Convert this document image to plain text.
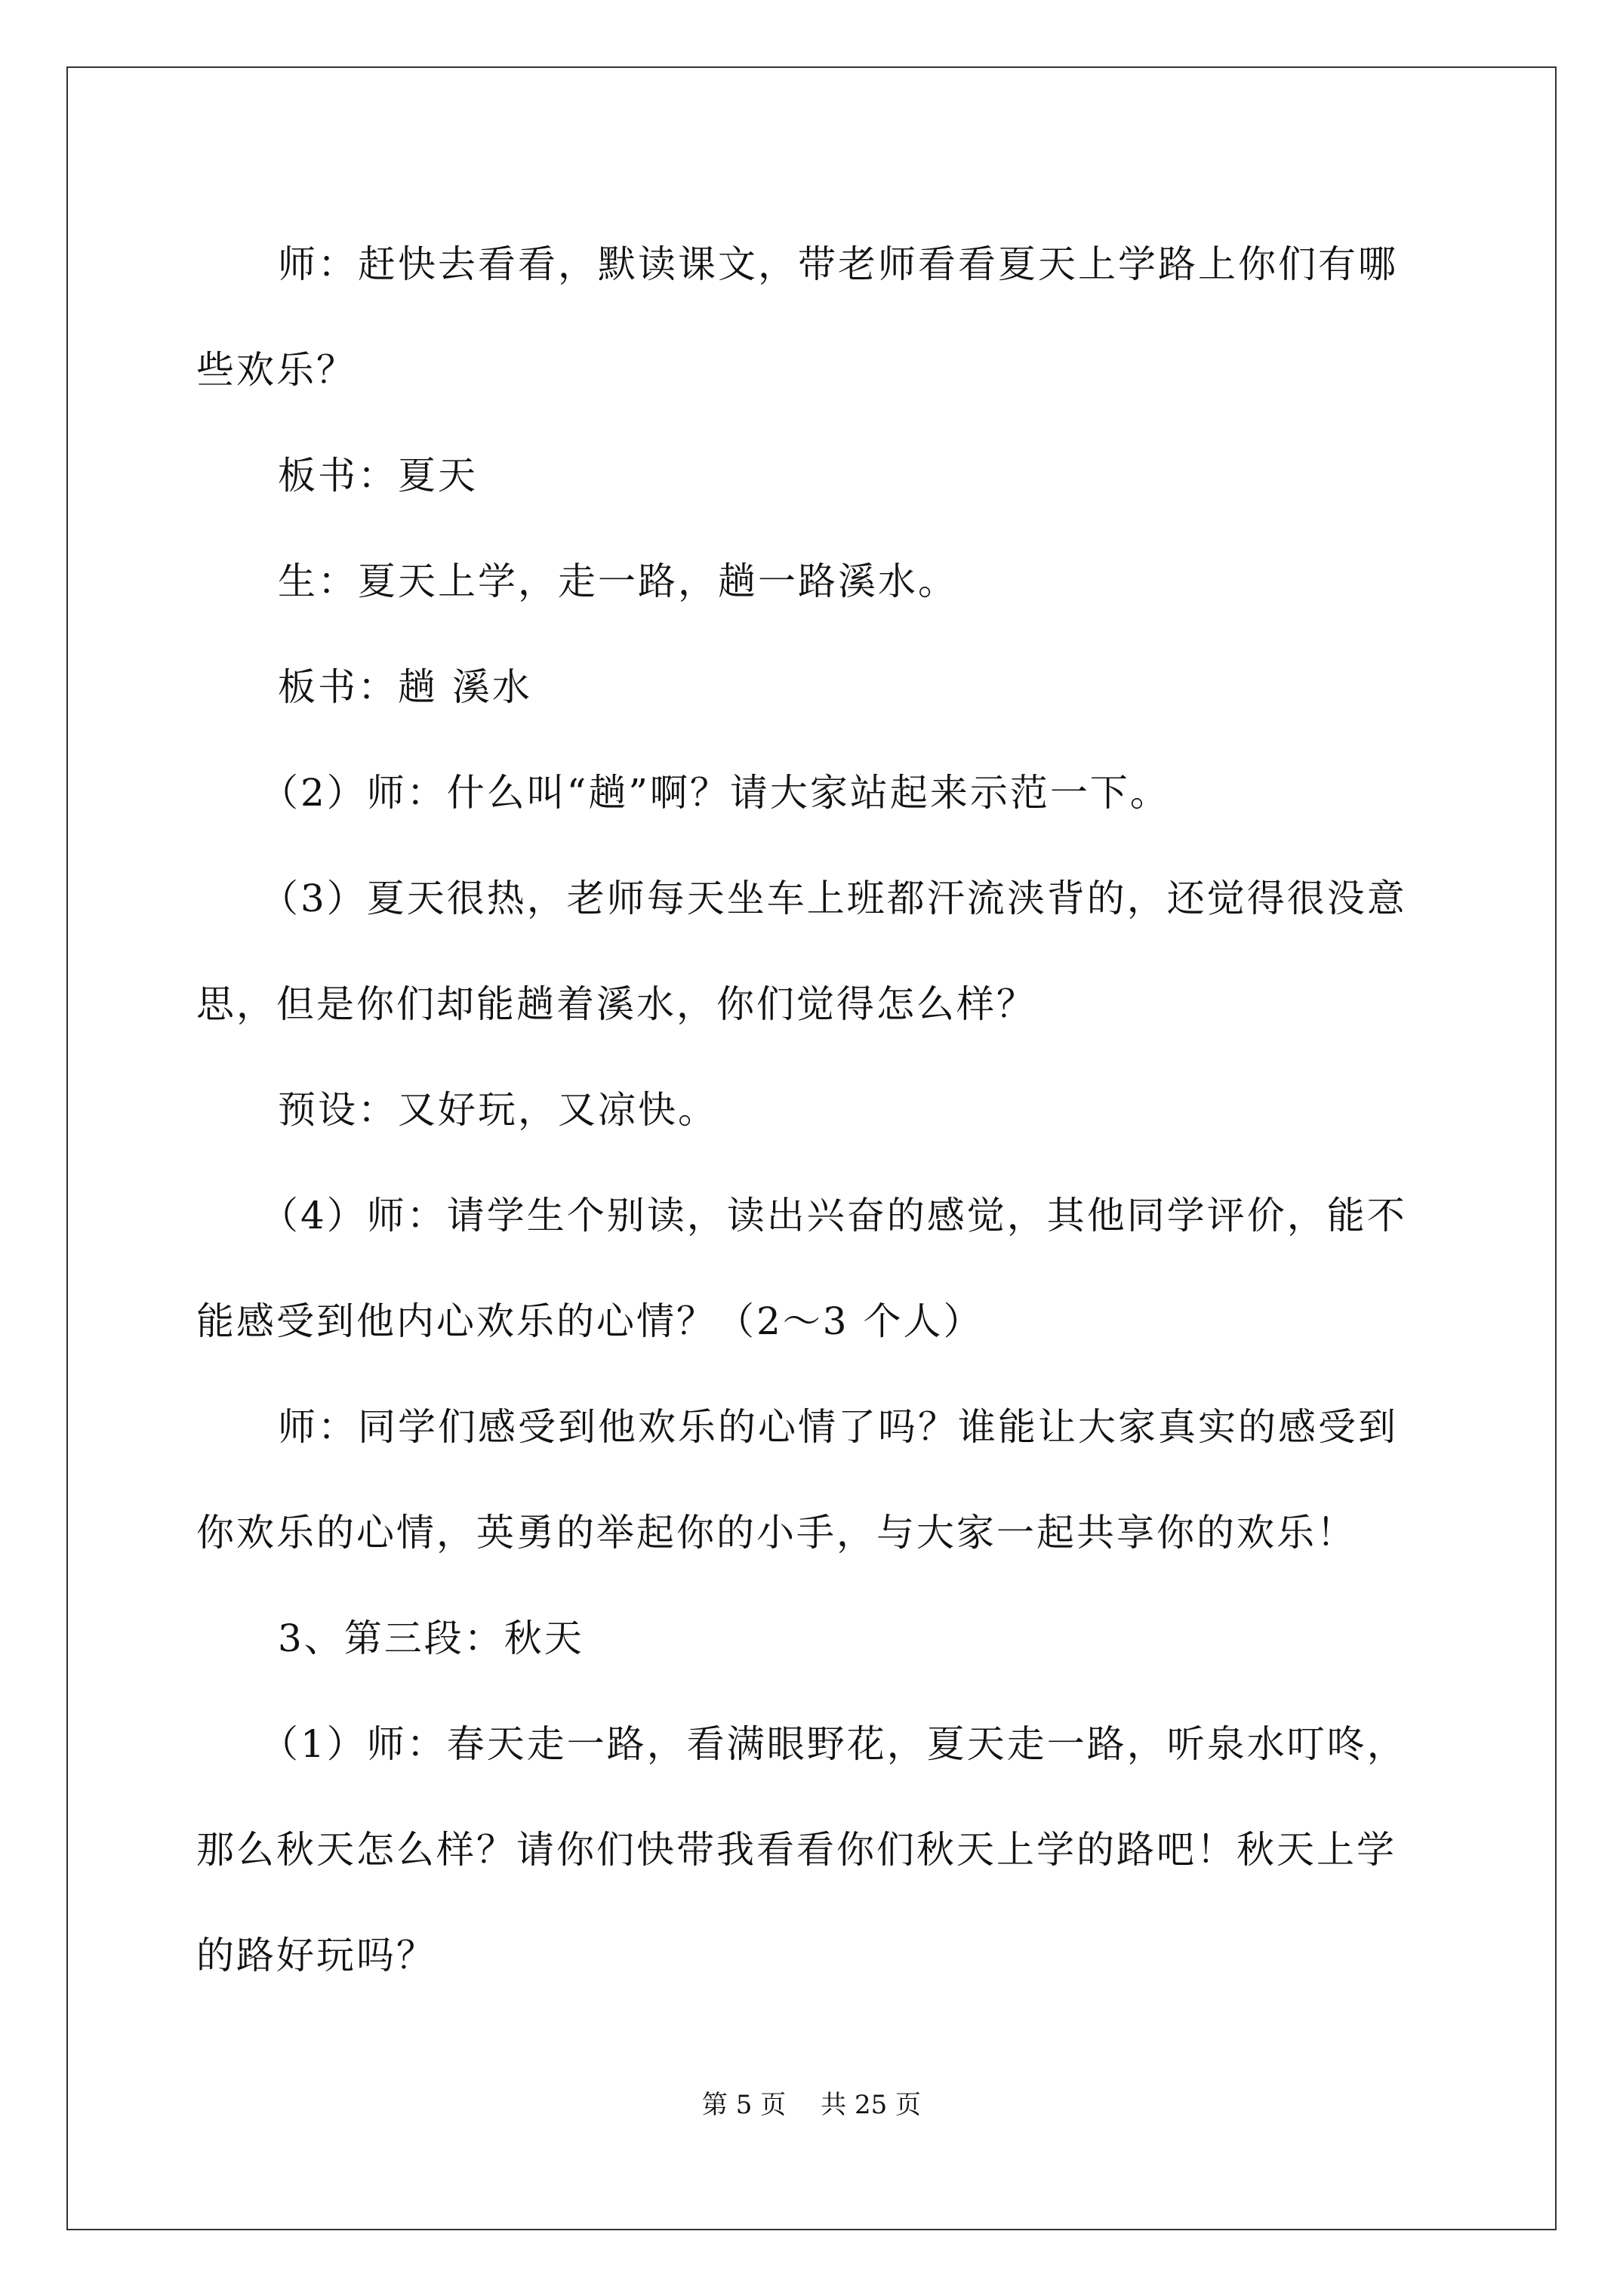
师：赶快去看看，默读课文，带老师看看夏天上学路上你们有哪些欢乐？

板书：夏天

生：夏天上学，走一路，趟一路溪水。

板书：趟 溪水

（2）师：什么叫“趟”啊？请大家站起来示范一下。

（3）夏天很热，老师每天坐车上班都汗流浃背的，还觉得很没意思，但是你们却能趟着溪水，你们觉得怎么样？

预设：又好玩，又凉快。

（4）师：请学生个别读，读出兴奋的感觉，其他同学评价，能不能感受到他内心欢乐的心情？（2～3 个人）

师：同学们感受到他欢乐的心情了吗？谁能让大家真实的感受到你欢乐的心情，英勇的举起你的小手，与大家一起共享你的欢乐！

3、第三段：秋天

（1）师：春天走一路，看满眼野花，夏天走一路，听泉水叮咚，那么秋天怎么样？请你们快带我看看你们秋天上学的路吧！秋天上学的路好玩吗？

第 5 页 共 25 页
